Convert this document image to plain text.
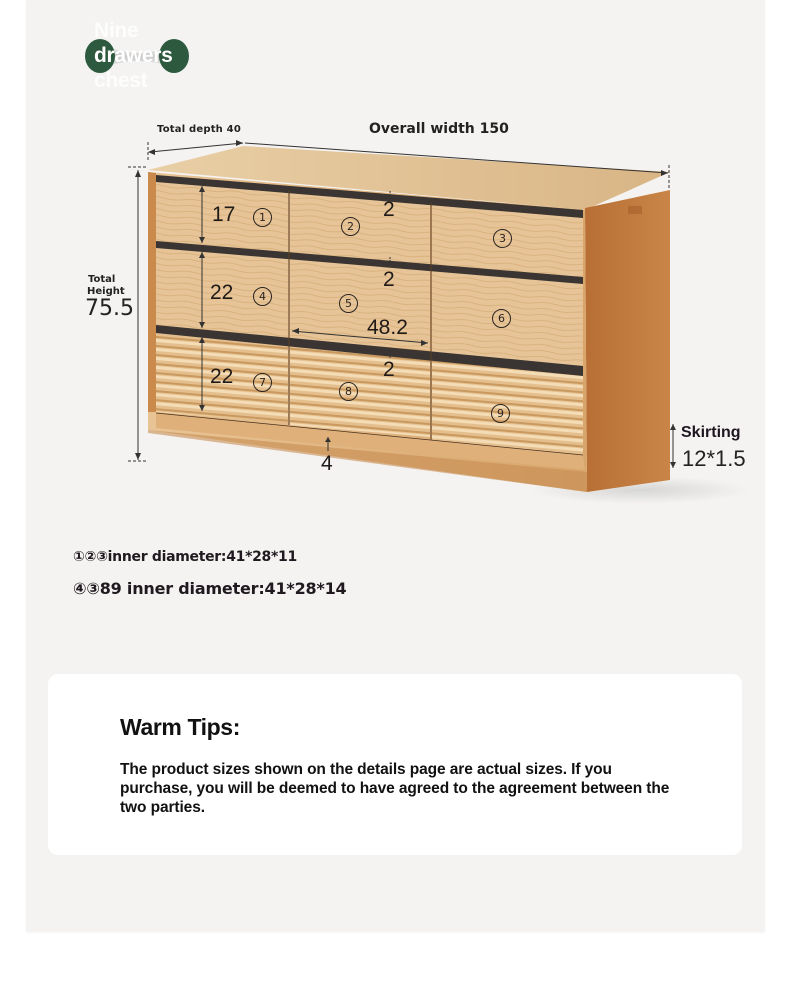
Nine
drawers
chest
Total depth 40	Overall width 150
Total
Height
75.5
Skirting
12*1.5
17
22
22
2
2
2
48.2
4
1
2
3
4
5
6
7
8
9
①②③inner diameter:41*28*11
④③89 inner diameter:41*28*14
Warm Tips:
The product sizes shown on the details page are actual sizes. If you purchase, you will be deemed to have agreed to the agreement between the two parties.
